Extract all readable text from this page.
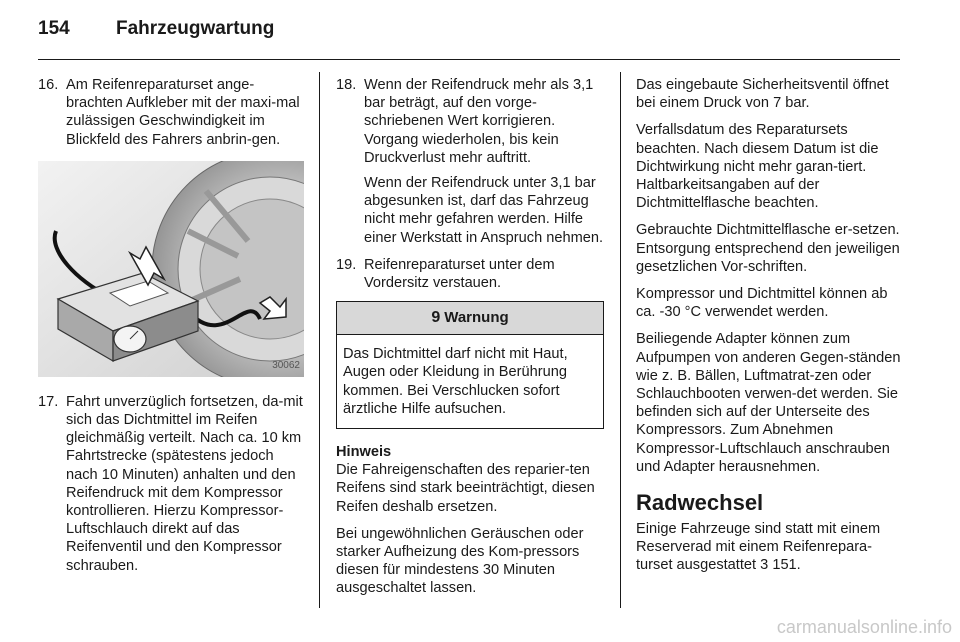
154	Fahrzeugwartung
16. Am Reifenreparaturset ange-brachten Aufkleber mit der maxi-mal zulässigen Geschwindigkeit im Blickfeld des Fahrers anbrin-gen.
30062
17. Fahrt unverzüglich fortsetzen, da-mit sich das Dichtmittel im Reifen gleichmäßig verteilt. Nach ca. 10 km Fahrtstrecke (spätestens jedoch nach 10 Minuten) anhalten und den Reifendruck mit dem Kompressor kontrollieren. Hierzu Kompressor-Luftschlauch direkt auf das Reifenventil und den Kompressor schrauben.
18. Wenn der Reifendruck mehr als 3,1 bar beträgt, auf den vorge-schriebenen Wert korrigieren. Vorgang wiederholen, bis kein Druckverlust mehr auftritt.

Wenn der Reifendruck unter 3,1 bar abgesunken ist, darf das Fahrzeug nicht mehr gefahren werden. Hilfe einer Werkstatt in Anspruch nehmen.

19. Reifenreparaturset unter dem Vordersitz verstauen.
9 Warnung
Das Dichtmittel darf nicht mit Haut, Augen oder Kleidung in Berührung kommen. Bei Verschlucken sofort ärztliche Hilfe aufsuchen.
Hinweis

Die Fahreigenschaften des reparier-ten Reifens sind stark beeinträchtigt, diesen Reifen deshalb ersetzen.

Bei ungewöhnlichen Geräuschen oder starker Aufheizung des Kom-pressors diesen für mindestens 30 Minuten ausgeschaltet lassen.

Das eingebaute Sicherheitsventil öffnet bei einem Druck von 7 bar.

Verfallsdatum des Reparatursets beachten. Nach diesem Datum ist die Dichtwirkung nicht mehr garan-tiert. Haltbarkeitsangaben auf der Dichtmittelflasche beachten.

Gebrauchte Dichtmittelflasche er-setzen. Entsorgung entsprechend den jeweiligen gesetzlichen Vor-schriften.

Kompressor und Dichtmittel können ab ca. -30 °C verwendet werden.

Beiliegende Adapter können zum Aufpumpen von anderen Gegen-ständen wie z. B. Bällen, Luftmatrat-zen oder Schlauchbooten verwen-det werden. Sie befinden sich auf der Unterseite des Kompressors. Zum Abnehmen Kompressor-Luftschlauch anschrauben und Adapter herausnehmen.

Radwechsel

Einige Fahrzeuge sind statt mit einem Reserverad mit einem Reifenrepara-turset ausgestattet 3 151.

carmanualsonline.info
